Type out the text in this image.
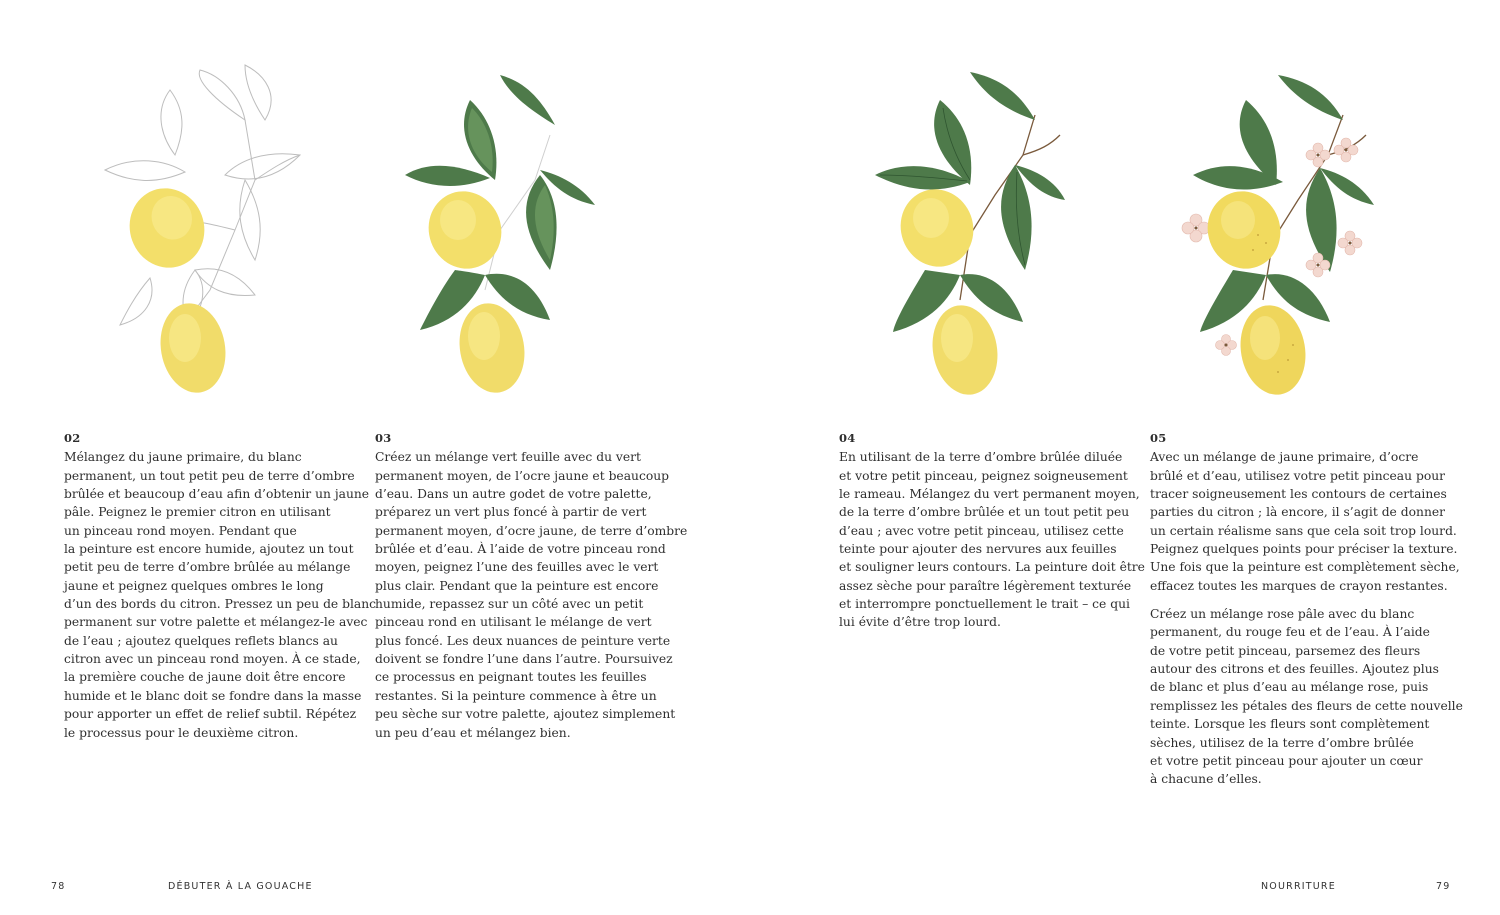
02
Mélangez du jaune primaire, du blanc
permanent, un tout petit peu de terre d’ombre
brûlée et beaucoup d’eau afin d’obtenir un jaune
pâle. Peignez le premier citron en utilisant
un pinceau rond moyen. Pendant que
la peinture est encore humide, ajoutez un tout
petit peu de terre d’ombre brûlée au mélange
jaune et peignez quelques ombres le long
d’un des bords du citron. Pressez un peu de blanc
permanent sur votre palette et mélangez-le avec
de l’eau ; ajoutez quelques reflets blancs au
citron avec un pinceau rond moyen. À ce stade,
la première couche de jaune doit être encore
humide et le blanc doit se fondre dans la masse
pour apporter un effet de relief subtil. Répétez
le processus pour le deuxième citron.
03
Créez un mélange vert feuille avec du vert
permanent moyen, de l’ocre jaune et beaucoup
d’eau. Dans un autre godet de votre palette,
préparez un vert plus foncé à partir de vert
permanent moyen, d’ocre jaune, de terre d’ombre
brûlée et d’eau. À l’aide de votre pinceau rond
moyen, peignez l’une des feuilles avec le vert
plus clair. Pendant que la peinture est encore
humide, repassez sur un côté avec un petit
pinceau rond en utilisant le mélange de vert
plus foncé. Les deux nuances de peinture verte
doivent se fondre l’une dans l’autre. Poursuivez
ce processus en peignant toutes les feuilles
restantes. Si la peinture commence à être un
peu sèche sur votre palette, ajoutez simplement
un peu d’eau et mélangez bien.
04
En utilisant de la terre d’ombre brûlée diluée
et votre petit pinceau, peignez soigneusement
le rameau. Mélangez du vert permanent moyen,
de la terre d’ombre brûlée et un tout petit peu
d’eau ; avec votre petit pinceau, utilisez cette
teinte pour ajouter des nervures aux feuilles
et souligner leurs contours. La peinture doit être
assez sèche pour paraître légèrement texturée
et interrompre ponctuellement le trait – ce qui
lui évite d’être trop lourd.
05
Avec un mélange de jaune primaire, d’ocre
brûlé et d’eau, utilisez votre petit pinceau pour
tracer soigneusement les contours de certaines
parties du citron ; là encore, il s’agit de donner
un certain réalisme sans que cela soit trop lourd.
Peignez quelques points pour préciser la texture.
Une fois que la peinture est complètement sèche,
effacez toutes les marques de crayon restantes.
Créez un mélange rose pâle avec du blanc
permanent, du rouge feu et de l’eau. À l’aide
de votre petit pinceau, parsemez des fleurs
autour des citrons et des feuilles. Ajoutez plus
de blanc et plus d’eau au mélange rose, puis
remplissez les pétales des fleurs de cette nouvelle
teinte. Lorsque les fleurs sont complètement
sèches, utilisez de la terre d’ombre brûlée
et votre petit pinceau pour ajouter un cœur
à chacune d’elles.
78	DÉBUTER À LA GOUACHE	NOURRITURE	79
